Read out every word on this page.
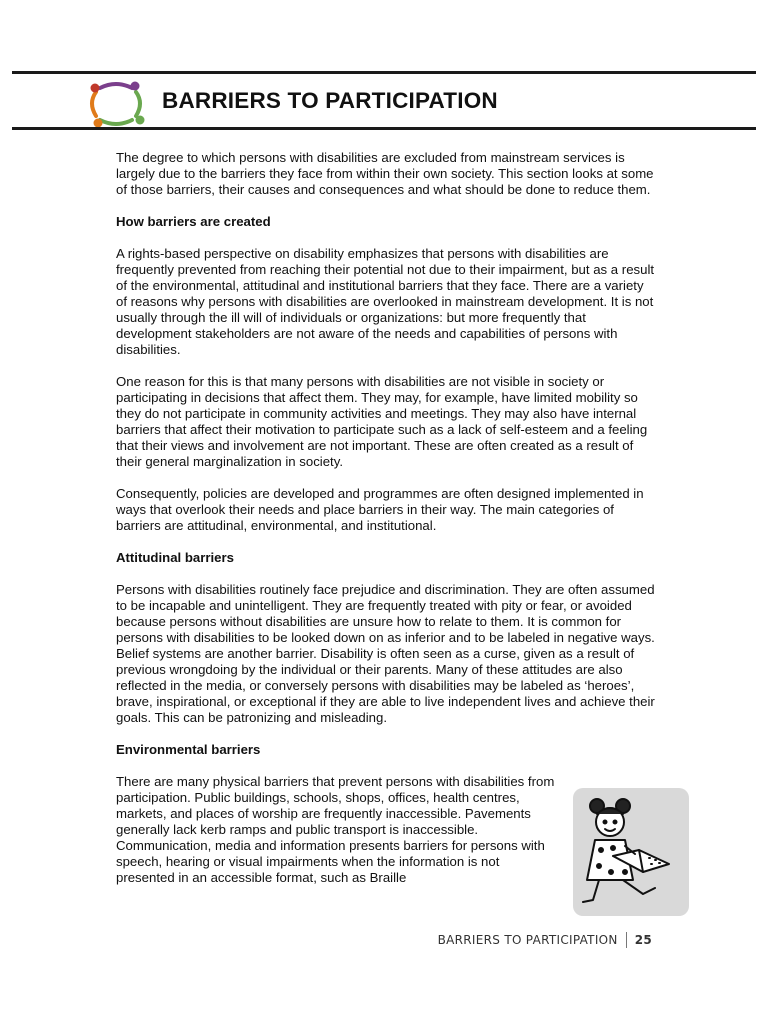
BARRIERS TO PARTICIPATION

The degree to which persons with disabilities are excluded from mainstream services is largely due to the barriers they face from within their own society. This section looks at some of those barriers, their causes and consequences and what should be done to reduce them.

How barriers are created

A rights-based perspective on disability emphasizes that persons with disabilities are frequently prevented from reaching their potential not due to their impairment, but as a result of the environmental, attitudinal and institutional barriers that they face. There are a variety of reasons why persons with disabilities are overlooked in mainstream development. It is not usually through the ill will of individuals or organizations: but more frequently that development stakeholders are not aware of the needs and capabilities of persons with disabilities.

One reason for this is that many persons with disabilities are not visible in society or participating in decisions that affect them. They may, for example, have limited mobility so they do not participate in community activities and meetings. They may also have internal barriers that affect their motivation to participate such as a lack of self-esteem and a feeling that their views and involvement are not important. These are often created as a result of their general marginalization in society.

Consequently, policies are developed and programmes are often designed implemented in ways that overlook their needs and place barriers in their way. The main categories of barriers are attitudinal, environmental, and institutional.

Attitudinal barriers

Persons with disabilities routinely face prejudice and discrimination. They are often assumed to be incapable and unintelligent. They are frequently treated with pity or fear, or avoided because persons without disabilities are unsure how to relate to them. It is common for persons with disabilities to be looked down on as inferior and to be labeled in negative ways. Belief systems are another barrier. Disability is often seen as a curse, given as a result of previous wrongdoing by the individual or their parents. Many of these attitudes are also reflected in the media, or conversely persons with disabilities may be labeled as ‘heroes’, brave, inspirational, or exceptional if they are able to live independent lives and achieve their goals. This can be patronizing and misleading.

Environmental barriers

There are many physical barriers that prevent persons with disabilities from participation. Public buildings, schools, shops, offices, health centres, markets, and places of worship are frequently inaccessible. Pavements generally lack kerb ramps and public transport is inaccessible. Communication, media and information presents barriers for persons with speech, hearing or visual impairments when the information is not presented in an accessible format, such as Braille

BARRIERS TO PARTICIPATION 25
